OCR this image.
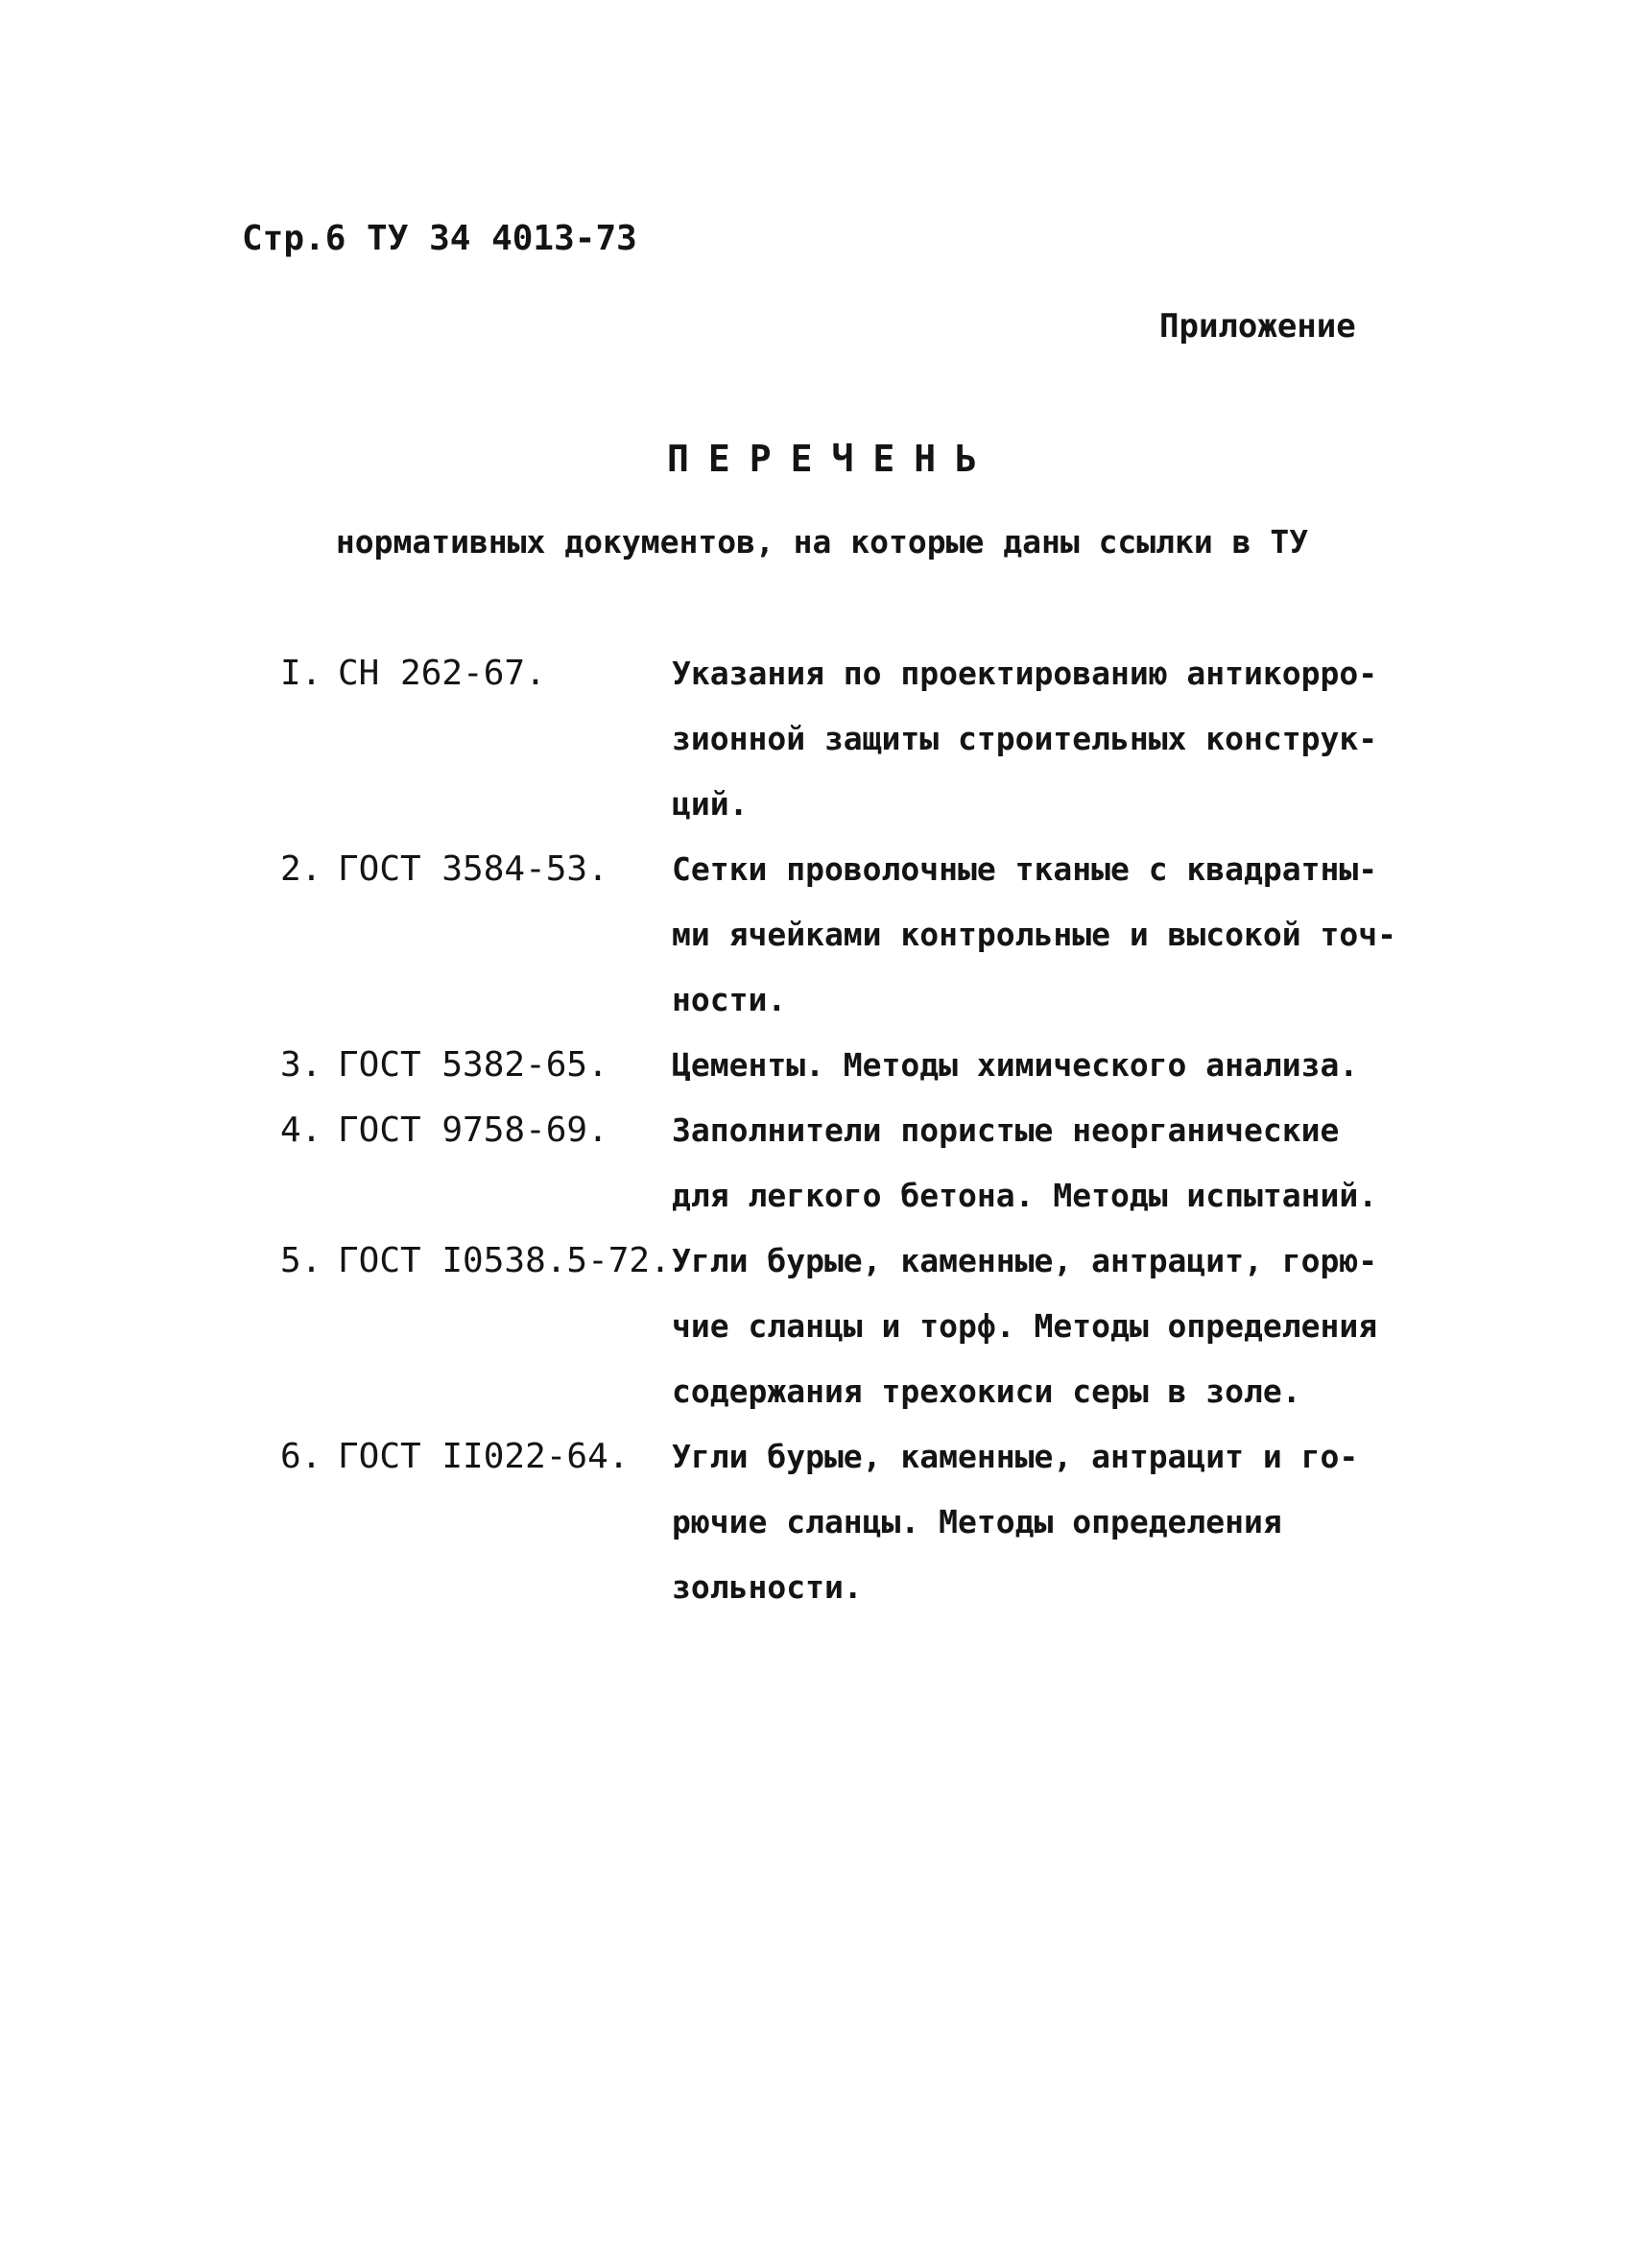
Стр.6 ТУ 34 4013-73
Приложение
ПЕРЕЧЕНЬ
нормативных документов, на которые даны ссылки в ТУ
I. СН 262-67.	Указания по проектированию антикорро-
зионной защиты строительных конструк-
ций.
2. ГОСТ 3584-53.	Сетки проволочные тканые с квадратны-
ми ячейками контрольные и высокой точ-
ности.
3. ГОСТ 5382-65.	Цементы. Методы химического анализа.
4. ГОСТ 9758-69.	Заполнители пористые неорганические
для легкого бетона. Методы испытаний.
5. ГОСТ I0538.5-72. Угли бурые, каменные, антрацит, горю-
чие сланцы и торф. Методы определения
содержания трехокиси серы в золе.
6. ГОСТ II022-64.	Угли бурые, каменные, антрацит и го-
рючие сланцы. Методы определения
зольности.
